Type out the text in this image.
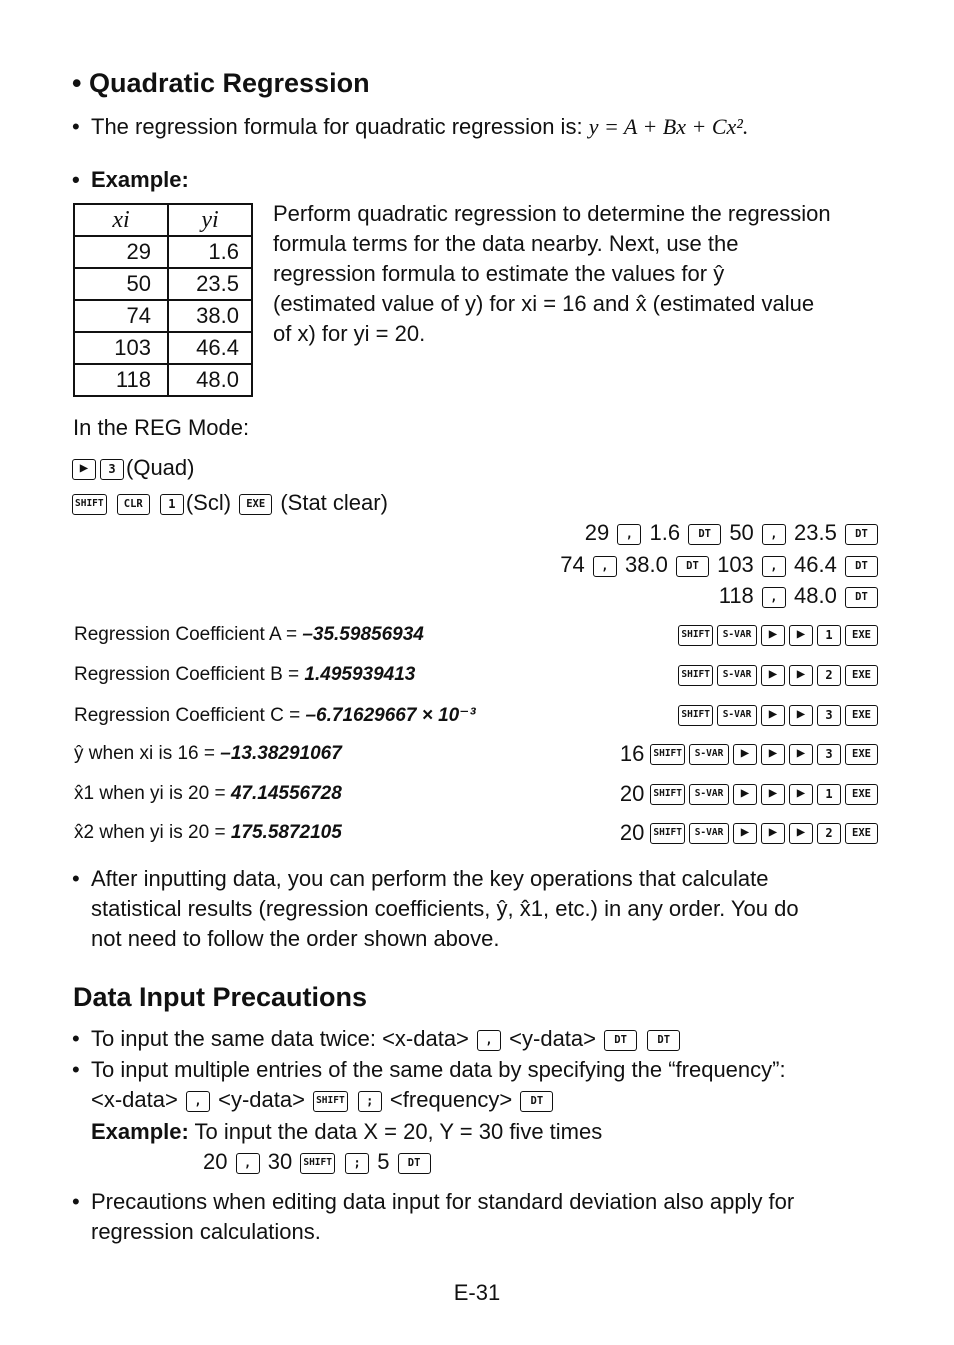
• Quadratic Regression
• The regression formula for quadratic regression is: y = A + Bx + Cx².
• Example:
xi	yi
29	1.6
50	23.5
74	38.0
103	46.4
118	48.0
Perform quadratic regression to determine the regression
formula terms for the data nearby. Next, use the
regression formula to estimate the values for ŷ
(estimated value of y) for xi = 16 and x̂ (estimated value
of x) for yi = 20.
In the REG Mode:
▶ 3 (Quad)
SHIFT CLR 1 (Scl) EXE (Stat clear)
29 , 1.6 DT 50 , 23.5 DT
74 , 38.0 DT 103 , 46.4 DT
118 , 48.0 DT
Regression Coefficient A = –35.59856934	SHIFT	S-VAR	▶	▶	1	EXE
Regression Coefficient B = 1.495939413	SHIFT	S-VAR	▶	▶	2	EXE
Regression Coefficient C = –6.71629667 × 10⁻³	SHIFT	S-VAR	▶	▶	3	EXE
ŷ when xi is 16 = –13.38291067	16 SHIFT	S-VAR	▶	▶	▶	3	EXE
x̂1 when yi is 20 = 47.14556728	20 SHIFT	S-VAR	▶	▶	▶	1	EXE
x̂2 when yi is 20 = 175.5872105	20 SHIFT	S-VAR	▶	▶	▶	2	EXE
• After inputting data, you can perform the key operations that calculate
statistical results (regression coefficients, ŷ, x̂1, etc.) in any order. You do
not need to follow the order shown above.
Data Input Precautions
• To input the same data twice: <x-data> , <y-data> DT	DT
• To input multiple entries of the same data by specifying the “frequency”:
<x-data> , <y-data> SHIFT ; <frequency> DT
Example: To input the data X = 20, Y = 30 five times
20 , 30 SHIFT ; 5 DT
• Precautions when editing data input for standard deviation also apply for
regression calculations.
E-31
